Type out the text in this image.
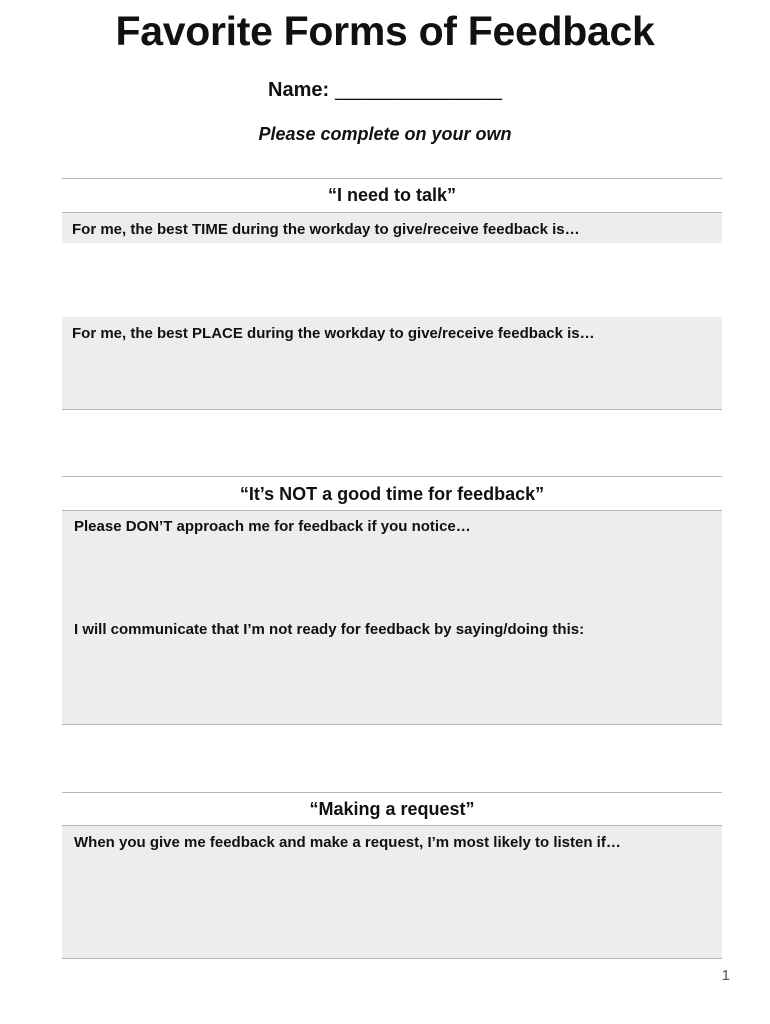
Favorite Forms of Feedback
Name: _______________
Please complete on your own
“I need to talk”
For me, the best TIME during the workday to give/receive feedback is…
For me, the best PLACE during the workday to give/receive feedback is…
“It’s NOT a good time for feedback”
Please DON’T approach me for feedback if you notice…
I will communicate that I’m not ready for feedback by saying/doing this:
“Making a request”
When you give me feedback and make a request, I’m most likely to listen if…
1
